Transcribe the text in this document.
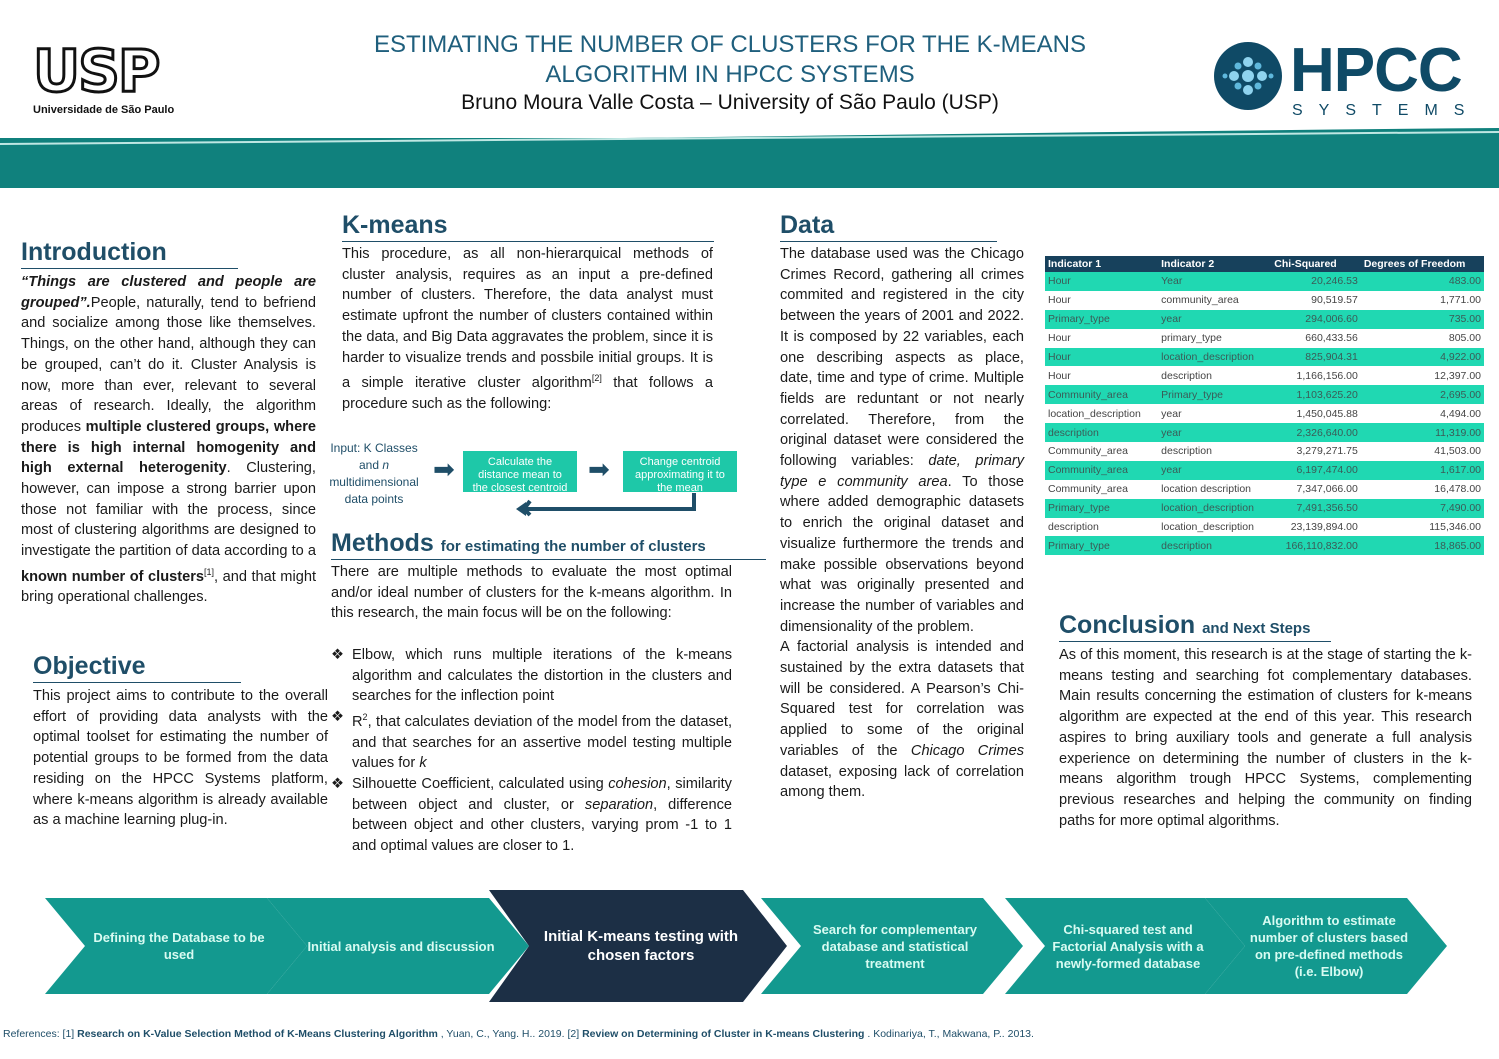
USP
Universidade de São Paulo
ESTIMATING THE NUMBER OF CLUSTERS FOR THE K-MEANS
ALGORITHM IN HPCC SYSTEMS
Bruno Moura Valle Costa – University of São Paulo (USP)	HPCC
SYSTEMS
Introduction
“Things are clustered and people are grouped”.People, naturally, tend to befriend and socialize among those like themselves. Things, on the other hand, although they can be grouped, can’t do it. Cluster Analysis is now, more than ever, relevant to several areas of research. Ideally, the algorithm produces multiple clustered groups, where there is high internal homogenity and high external heterogenity. Clustering, however, can impose a strong barrier upon those not familiar with the process, since most of clustering algorithms are designed to investigate the partition of data according to a known number of clusters[1], and that might bring operational challenges.
Objective
This project aims to contribute to the overall effort of providing data analysts with the optimal toolset for estimating the number of potential groups to be formed from the data residing on the HPCC Systems platform, where k-means algorithm is already available as a machine learning plug-in.
K-means
This procedure, as all non-hierarquical methods of cluster analysis, requires as an input a pre-defined number of clusters. Therefore, the data analyst must estimate upfront the number of clusters contained within the data, and Big Data aggravates the problem, since it is harder to visualize trends and possbile initial groups. It is a simple iterative cluster algorithm[2] that follows a procedure such as the following:
Input: K Classes
and n
multidimensional
data points
➡	Calculate the distance mean to the closest centroid
➡	Change centroid approximating it to the mean
Methods for estimating the number of clusters
There are multiple methods to evaluate the most optimal and/or ideal number of clusters for the k-means algorithm. In this research, the main focus will be on the following:
❖ Elbow, which runs multiple iterations of the k-means algorithm and calculates the distortion in the clusters and searches for the inflection point
❖ $R^2$, that calculates deviation of the model from the dataset, and that searches for an assertive model testing multiple values for k
❖ Silhouette Coefficient, calculated using cohesion, similarity between object and cluster, or separation, difference between object and other clusters, varying prom -1 to 1 and optimal values are closer to 1.
Data

The database used was the Chicago Crimes Record, gathering all crimes commited and registered in the city between the years of 2001 and 2022. It is composed by 22 variables, each one describing aspects as place, date, time and type of crime. Multiple fields are reduntant or not nearly correlated. Therefore, from the original dataset were considered the following variables: date, primary type e community area. To those where added demographic datasets to enrich the original dataset and visualize furthermore the trends and make possible observations beyond what was originally presented and increase the number of variables and dimensionality of the problem.

A factorial analysis is intended and sustained by the extra datasets that will be considered. A Pearson’s Chi-Squared test for correlation was applied to some of the original variables of the Chicago Crimes dataset, exposing lack of correlation among them.

Indicator 1	Indicator 2	Chi-Squared	Degrees of Freedom
Hour	Year	20,246.53	483.00
Hour	community_area	90,519.57	1,771.00
Primary_type	year	294,006.60	735.00
Hour	primary_type	660,433.56	805.00
Hour	location_description	825,904.31	4,922.00
Hour	description	1,166,156.00	12,397.00
Community_area	Primary_type	1,103,625.20	2,695.00
location_description	year	1,450,045.88	4,494.00
description	year	2,326,640.00	11,319.00
Community_area	description	3,279,271.75	41,503.00
Community_area	year	6,197,474.00	1,617.00
Community_area	location description	7,347,066.00	16,478.00
Primary_type	location_description	7,491,356.50	7,490.00
description	location_description	23,139,894.00	115,346.00
Primary_type	description	166,110,832.00	18,865.00
Conclusion and Next Steps
As of this moment, this research is at the stage of starting the k-means testing and searching fot complementary databases. Main results concerning the estimation of clusters for k-means algorithm are expected at the end of this year. This research aspires to bring auxiliary tools and generate a full analysis experience on determining the number of clusters in the k-means algorithm trough HPCC Systems, complementing previous researches and helping the community on finding paths for more optimal algorithms.
Defining the Database to be used
Initial analysis and discussion
Initial K-means testing with chosen factors
Search for complementary database and statistical treatment
Chi-squared test and Factorial Analysis with a newly-formed database
Algorithm to estimate number of clusters based on pre-defined methods (i.e. Elbow)
References: [1] Research on K-Value Selection Method of K-Means Clustering Algorithm , Yuan, C., Yang. H.. 2019. [2] Review on Determining of Cluster in K-means Clustering . Kodinariya, T., Makwana, P.. 2013.
